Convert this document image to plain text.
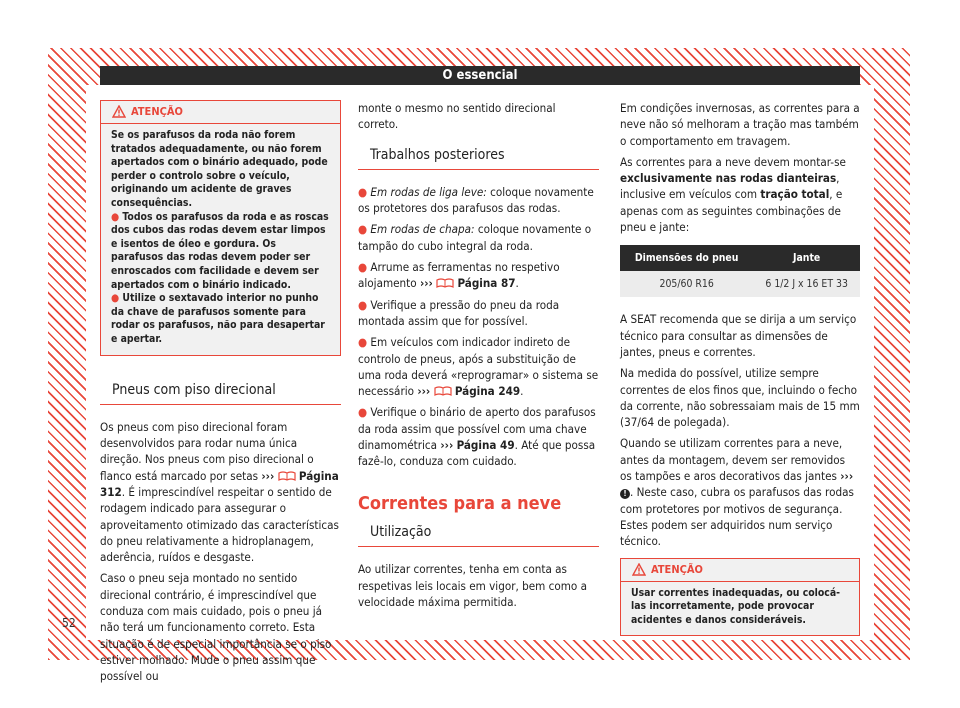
O essencial
52
ATENÇÃO

Se os parafusos da roda não forem tratados adequadamente, ou não forem apertados com o binário adequado, pode perder o controlo sobre o veículo, originando um acidente de graves consequências.

● Todos os parafusos da roda e as roscas dos cubos das rodas devem estar limpos e isentos de óleo e gordura. Os parafusos das rodas devem poder ser enroscados com facilidade e devem ser apertados com o binário indicado.

● Utilize o sextavado interior no punho da chave de parafusos somente para rodar os parafusos, não para desapertar e apertar.

Pneus com piso direcional

Os pneus com piso direcional foram desenvolvidos para rodar numa única direção. Nos pneus com piso direcional o flanco está marcado por setas ››› Página 312. É imprescindível respeitar o sentido de rodagem indicado para assegurar o aproveitamento otimizado das características do pneu relativamente a hidroplanagem, aderência, ruídos e desgaste.

Caso o pneu seja montado no sentido direcional contrário, é imprescindível que conduza com mais cuidado, pois o pneu já não terá um funcionamento correto. Esta situação é de especial importância se o piso estiver molhado. Mude o pneu assim que possível ou

monte o mesmo no sentido direcional correto.

Trabalhos posteriores

● Em rodas de liga leve: coloque novamente os protetores dos parafusos das rodas.

● Em rodas de chapa: coloque novamente o tampão do cubo integral da roda.

● Arrume as ferramentas no respetivo alojamento ››› Página 87.

● Verifique a pressão do pneu da roda montada assim que for possível.

● Em veículos com indicador indireto de controlo de pneus, após a substituição de uma roda deverá «reprogramar» o sistema se necessário ››› Página 249.

● Verifique o binário de aperto dos parafusos da roda assim que possível com uma chave dinamométrica ››› Página 49. Até que possa fazê-lo, conduza com cuidado.

Correntes para a neve
Utilização

Ao utilizar correntes, tenha em conta as respetivas leis locais em vigor, bem como a velocidade máxima permitida.

Em condições invernosas, as correntes para a neve não só melhoram a tração mas também o comportamento em travagem.

As correntes para a neve devem montar-se exclusivamente nas rodas dianteiras, inclusive em veículos com tração total, e apenas com as seguintes combinações de pneu e jante:

Dimensões do pneu	Jante
205/60 R16	6 1/2 J x 16 ET 33

A SEAT recomenda que se dirija a um serviço técnico para consultar as dimensões de jantes, pneus e correntes.

Na medida do possível, utilize sempre correntes de elos finos que, incluindo o fecho da corrente, não sobressaiam mais de 15 mm (37/64 de polegada).

Quando se utilizam correntes para a neve, antes da montagem, devem ser removidos os tampões e aros decorativos das jantes ››› ! . Neste caso, cubra os parafusos das rodas com protetores por motivos de segurança. Estes podem ser adquiridos num serviço técnico.

ATENÇÃO

Usar correntes inadequadas, ou colocá-las incorretamente, pode provocar acidentes e danos consideráveis.
